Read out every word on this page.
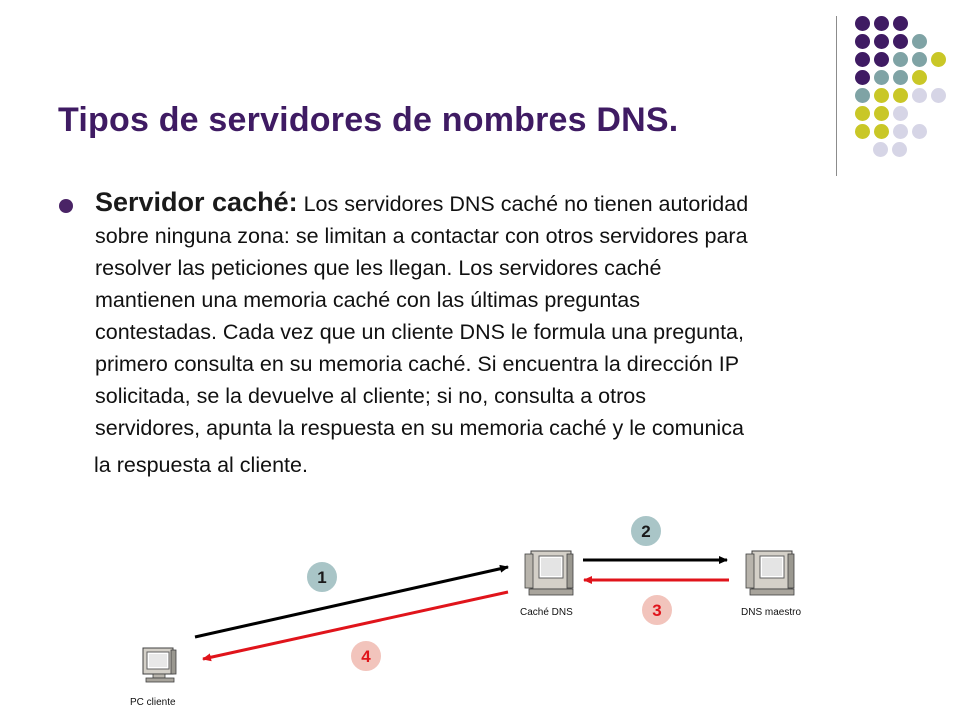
Tipos de servidores de nombres DNS.
Servidor caché: Los servidores DNS caché no tienen autoridad
sobre ninguna zona: se limitan a contactar con otros servidores para
resolver las peticiones que les llegan. Los servidores caché
mantienen una memoria caché con las últimas preguntas
contestadas. Cada vez que un cliente DNS le formula una pregunta,
primero consulta en su memoria caché. Si encuentra la dirección IP
solicitada, se la devuelve al cliente; si no, consulta a otros
servidores, apunta la respuesta en su memoria caché y le comunica
la respuesta al cliente.
1
2
3
4
PC cliente
Caché DNS	DNS maestro
